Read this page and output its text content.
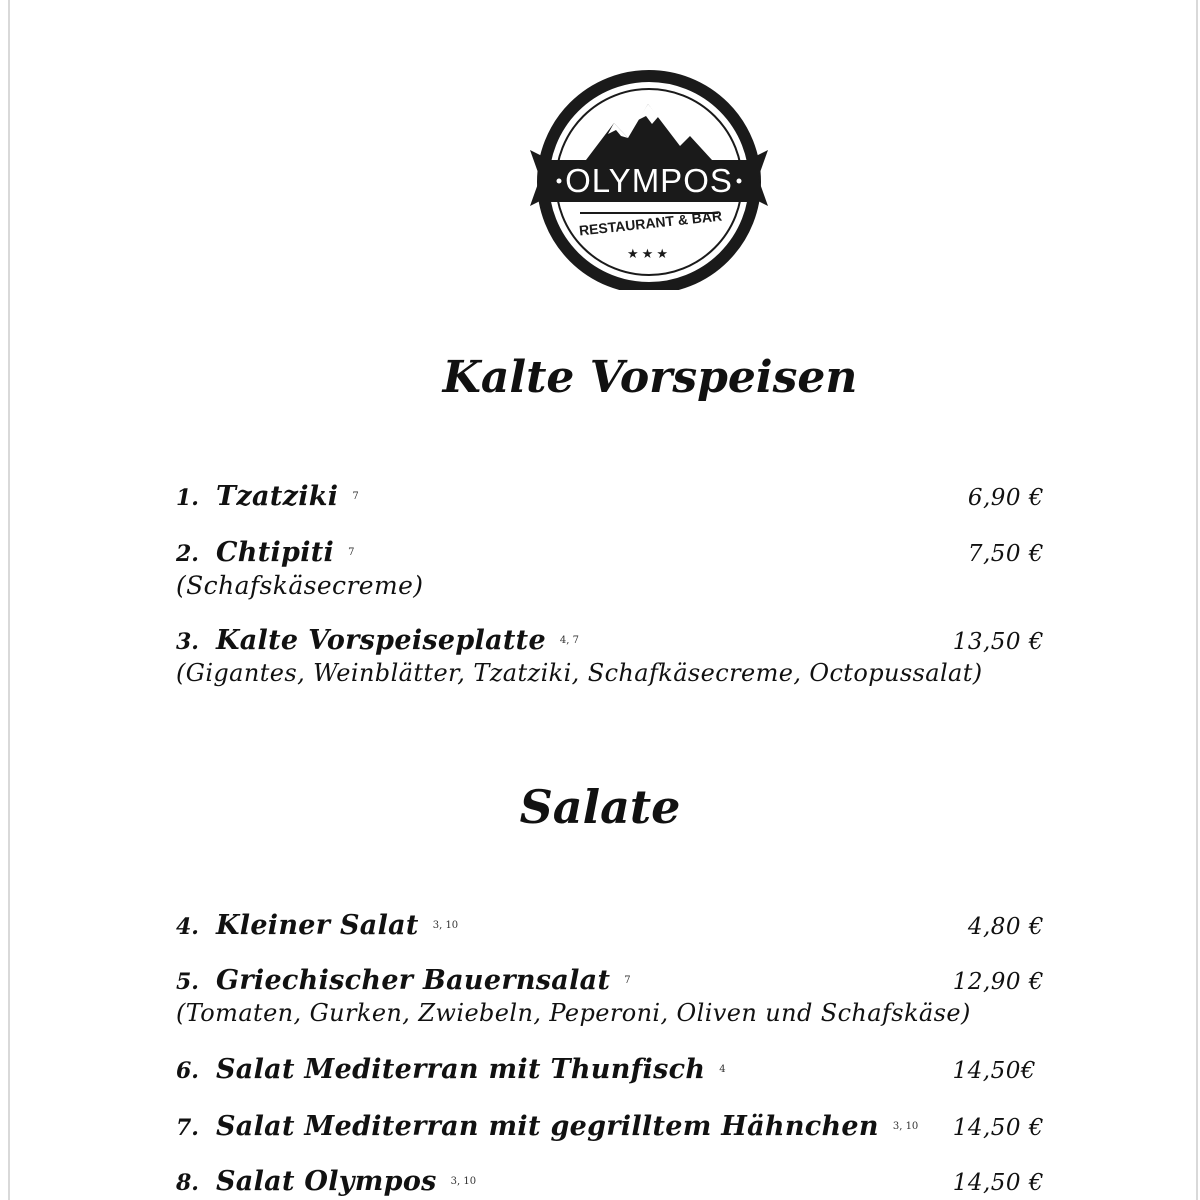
OLYMPOS
RESTAURANT & BAR
★★★
Kalte Vorspeisen
1. Tzatziki $^7$	6,90 €
2. Chtipiti $^7$	7,50 €
(Schafskäsecreme)
3. Kalte Vorspeiseplatte $^{4, 7}$	13,50 €
(Gigantes, Weinblätter, Tzatziki, Schafkäsecreme, Octopussalat)
Salate
4. Kleiner Salat $^{3, 10}$	4,80 €
5. Griechischer Bauernsalat $^7$	12,90 €
(Tomaten, Gurken, Zwiebeln, Peperoni, Oliven und Schafskäse)
6. Salat Mediterran mit Thunfisch $^4$	14,50€
7. Salat Mediterran mit gegrilltem Hähnchen $^{3, 10}$ 14,50 €
8. Salat Olympos $^{3, 10}$	14,50 €
